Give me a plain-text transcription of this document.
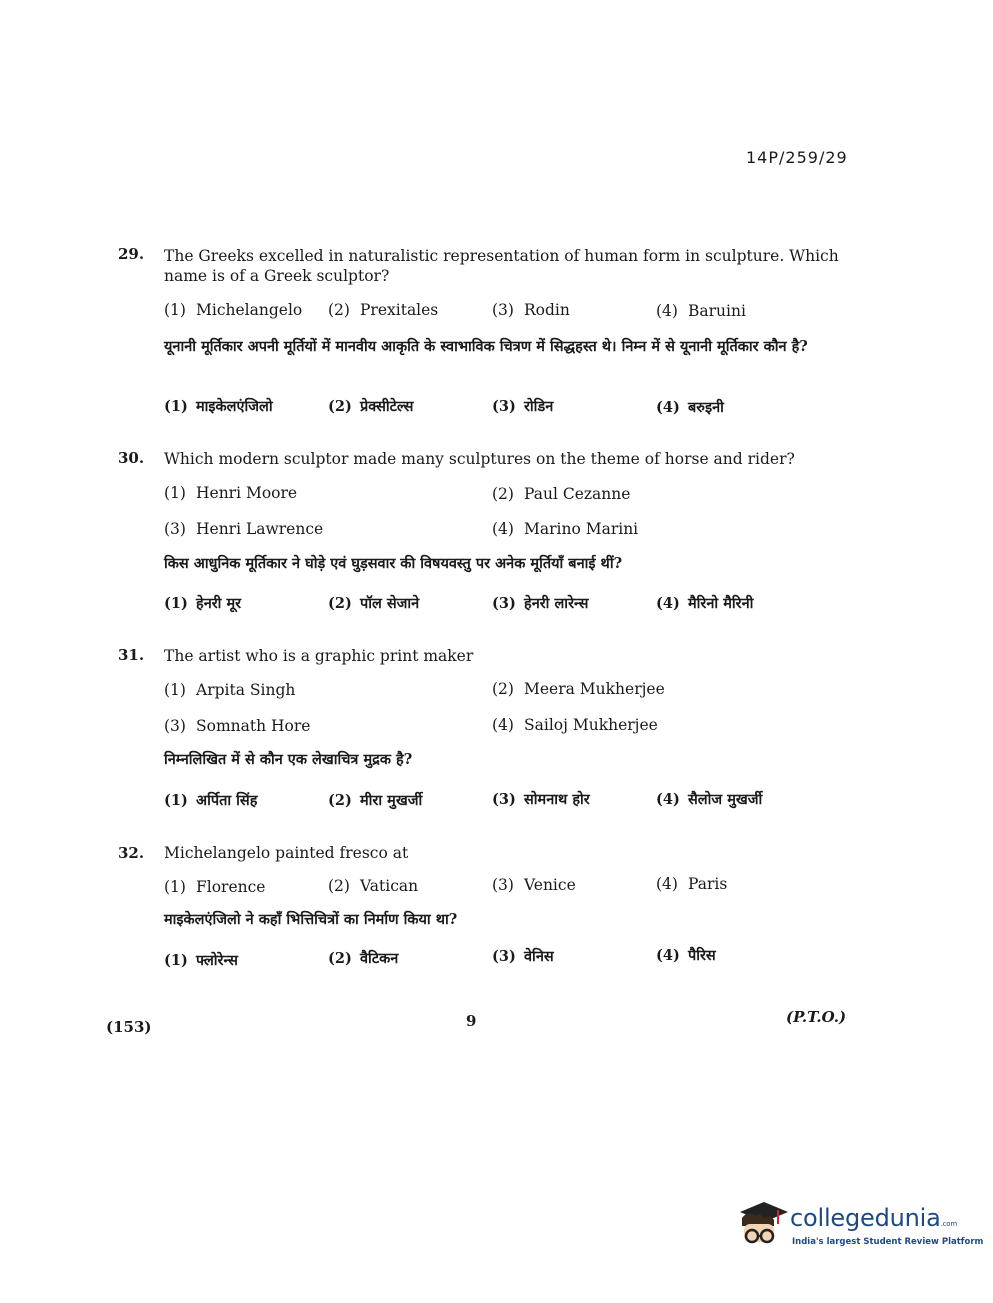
14P/259/29
29. The Greeks excelled in naturalistic representation of human form in sculpture. Which name is of a Greek sculptor?
(1) Michelangelo (2) Prexitales	(3) Rodin	(4) Baruini
यूनानी मूर्तिकार अपनी मूर्तियों में मानवीय आकृति के स्वाभाविक चित्रण में सिद्धहस्त थे। निम्न में से यूनानी मूर्तिकार कौन है?
(1) माइकेलएंजिलो	(2) प्रेक्सीटेल्स	(3) रोडिन	(4) बरुइनी
30. Which modern sculptor made many sculptures on the theme of horse and rider?
(1) Henri Moore	(2) Paul Cezanne
(3) Henri Lawrence	(4) Marino Marini
किस आधुनिक मूर्तिकार ने घोड़े एवं घुड़सवार की विषयवस्तु पर अनेक मूर्तियाँ बनाई थीं?
(1) हेनरी मूर	(2) पॉल सेजाने	(3) हेनरी लारेन्स	(4) मैरिनो मैरिनी
31. The artist who is a graphic print maker
(1) Arpita Singh	(2) Meera Mukherjee
(3) Somnath Hore	(4) Sailoj Mukherjee
निम्नलिखित में से कौन एक लेखाचित्र मुद्रक है?
(1) अर्पिता सिंह	(2) मीरा मुखर्जी	(3) सोमनाथ होर	(4) सैलोज मुखर्जी
32. Michelangelo painted fresco at
(1) Florence	(2) Vatican	(3) Venice	(4) Paris
माइकेलएंजिलो ने कहाँ भित्तिचित्रों का निर्माण किया था?
(1) फ्लोरेन्स	(2) वैटिकन	(3) वेनिस	(4) पैरिस
(153)	9	(P.T.O.)
collegedunia.com
India's largest Student Review Platform
